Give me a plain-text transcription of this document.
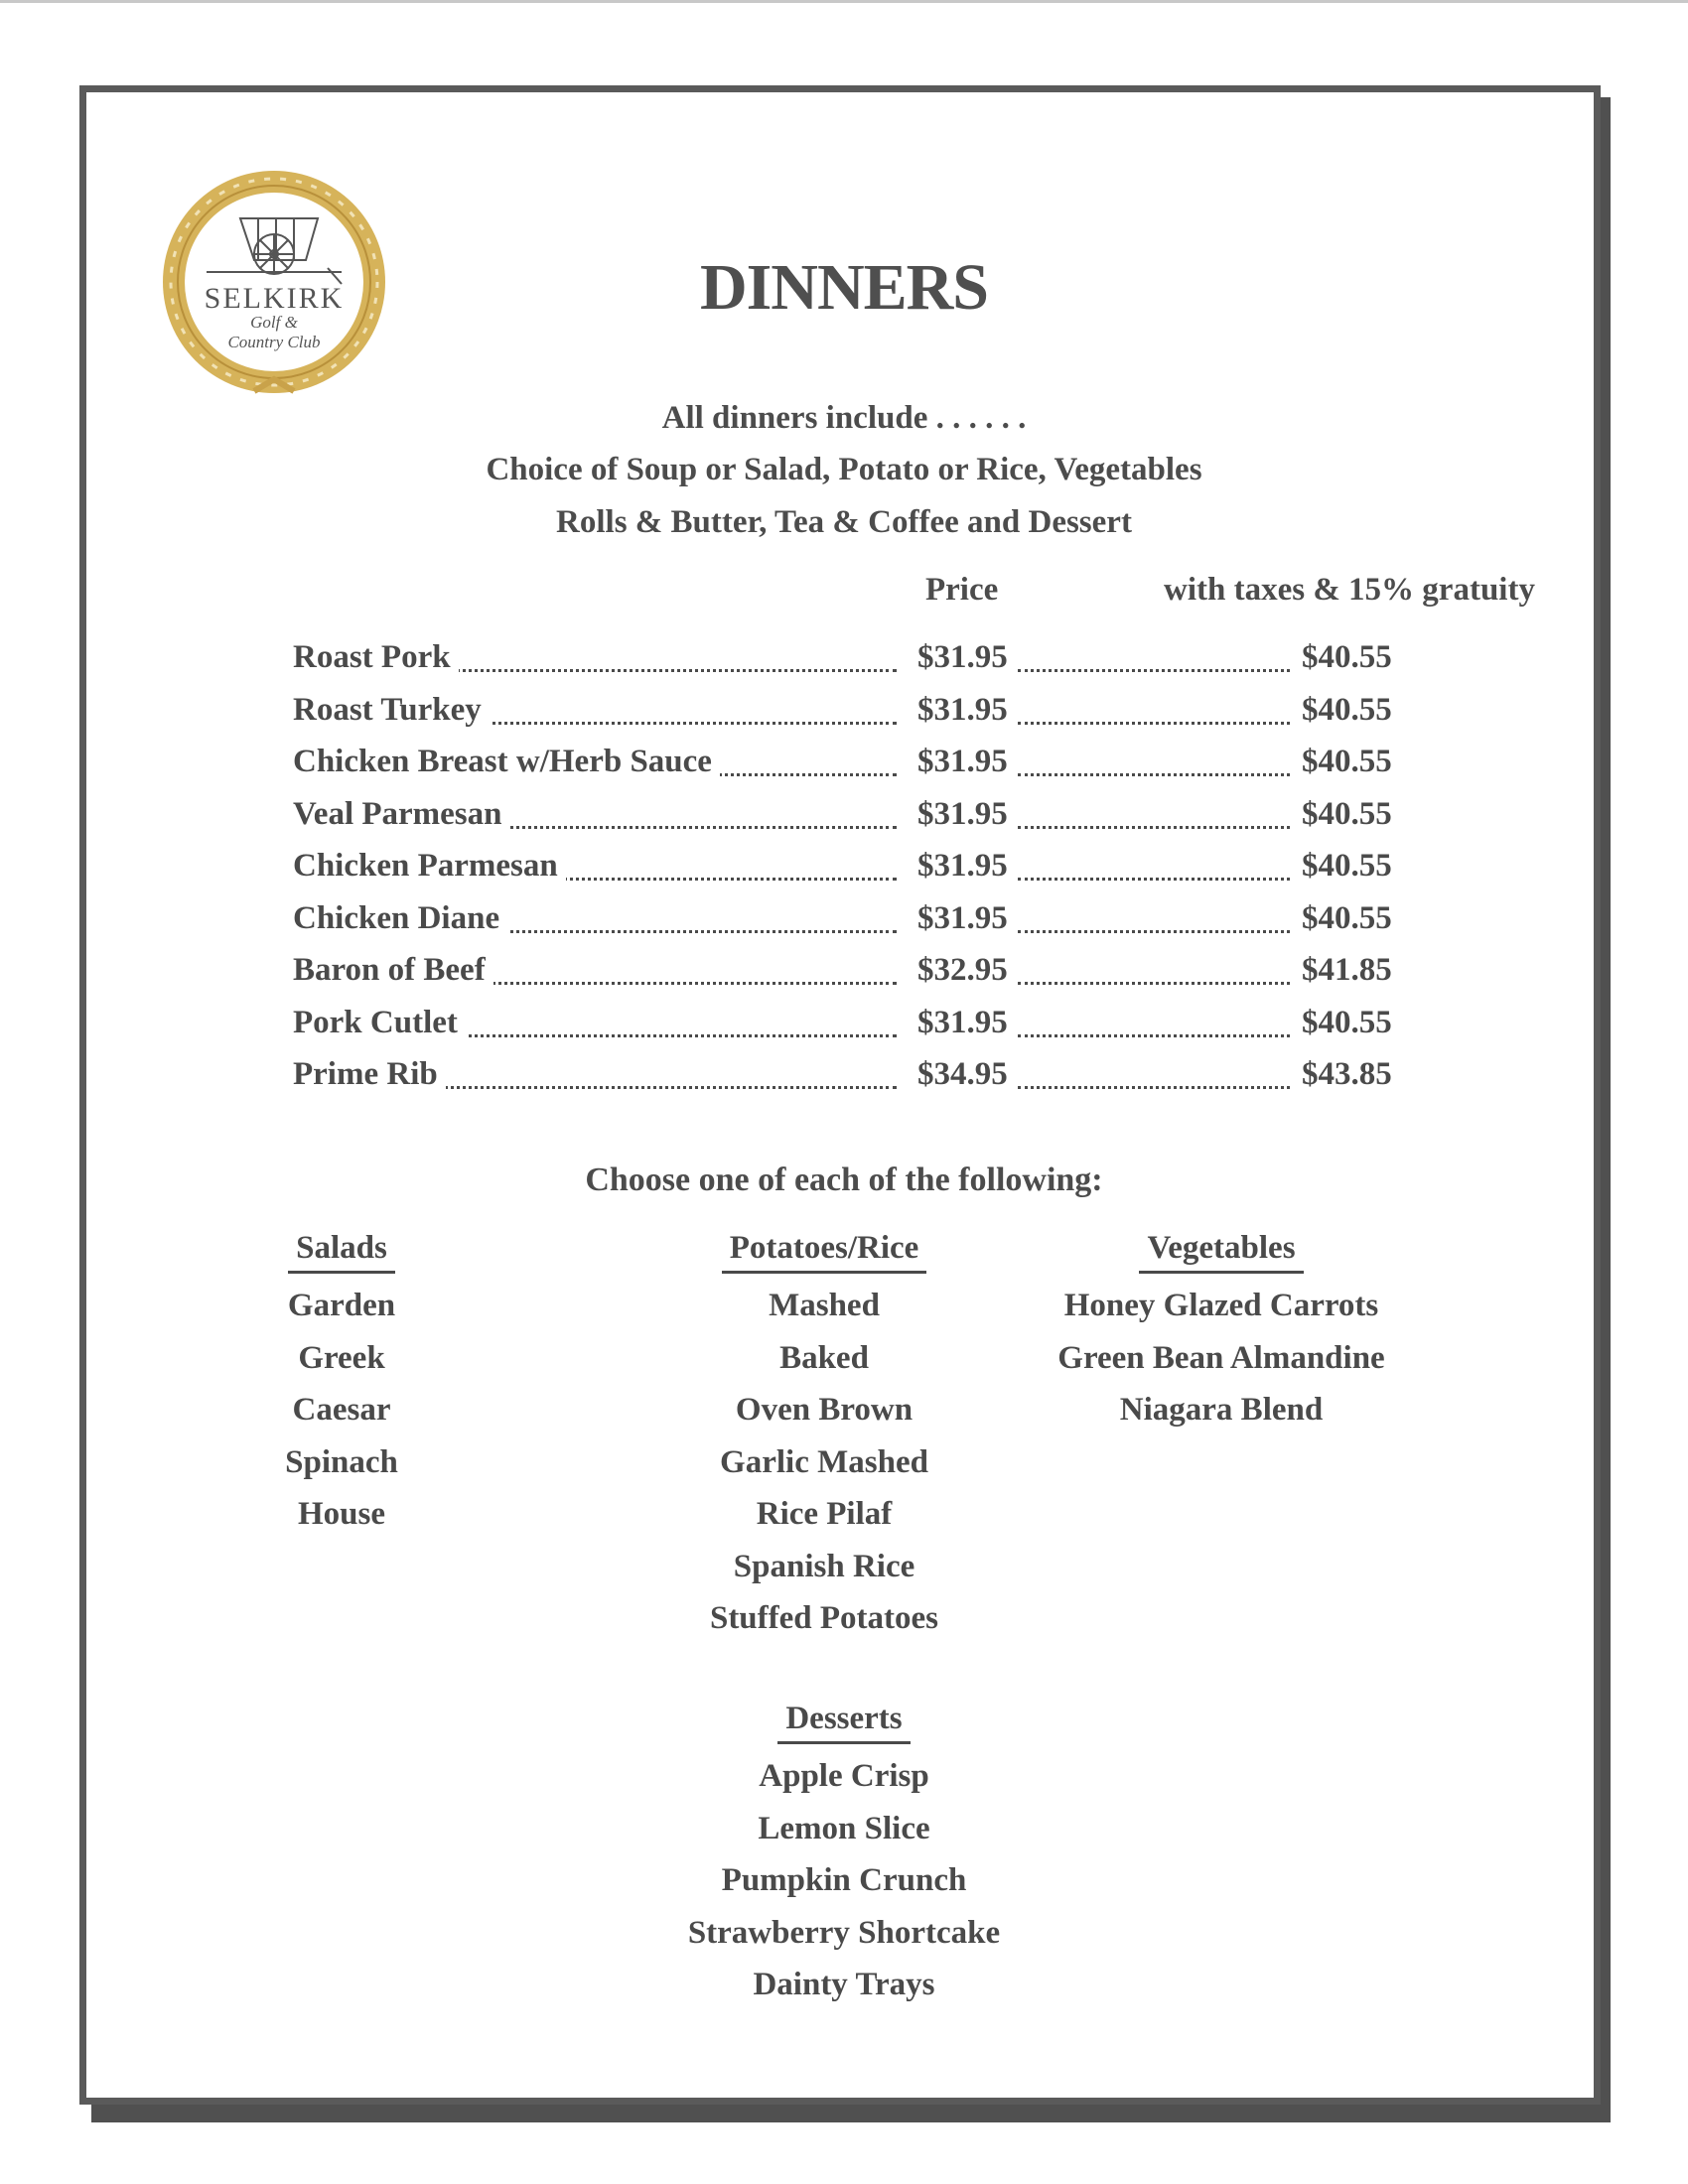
SELKIRK
Golf &
Country Club
DINNERS
All dinners include . . . . . .
Choice of Soup or Salad, Potato or Rice, Vegetables
Rolls & Butter, Tea & Coffee and Dessert
Price	with taxes & 15% gratuity
Roast Pork	$31.95	$40.55
Roast Turkey	$31.95	$40.55
Chicken Breast w/Herb Sauce	$31.95	$40.55
Veal Parmesan	$31.95	$40.55
Chicken Parmesan	$31.95	$40.55
Chicken Diane	$31.95	$40.55
Baron of Beef	$32.95	$41.85
Pork Cutlet	$31.95	$40.55
Prime Rib	$34.95	$43.85
Choose one of each of the following:
Salads
Garden
Greek
Caesar
Spinach
House
Potatoes/Rice
Mashed
Baked
Oven Brown
Garlic Mashed
Rice Pilaf
Spanish Rice
Stuffed Potatoes
Vegetables
Honey Glazed Carrots
Green Bean Almandine
Niagara Blend
Desserts
Apple Crisp
Lemon Slice
Pumpkin Crunch
Strawberry Shortcake
Dainty Trays
